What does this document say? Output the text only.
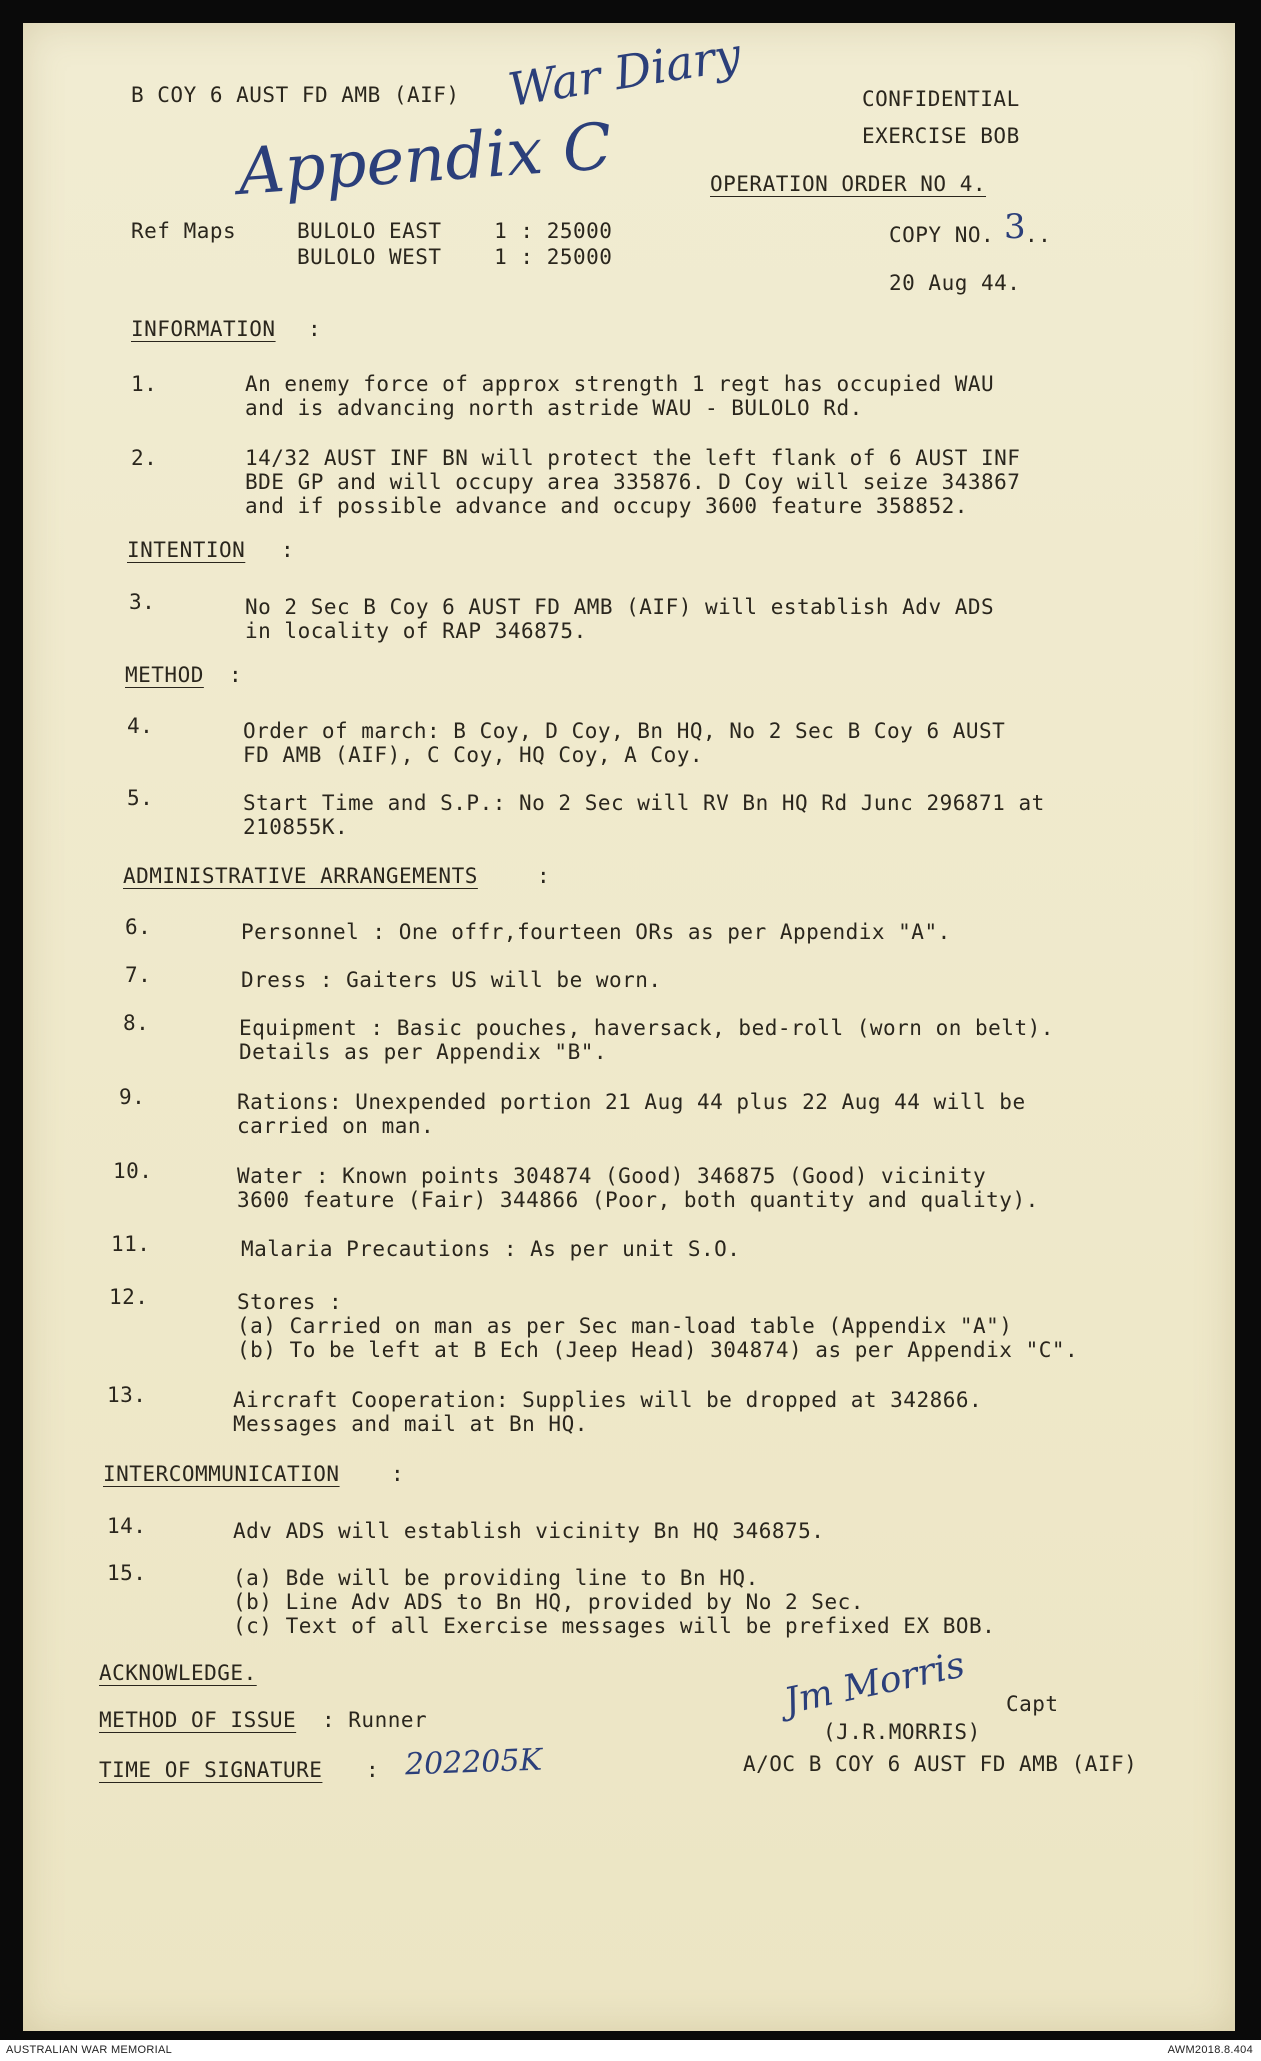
B COY 6 AUST FD AMB (AIF) War Diary
Appendix C
CONFIDENTIAL
EXERCISE BOB
OPERATION ORDER NO 4.
Ref Maps	BULOLO EAST    1 : 25000
BULOLO WEST    1 : 25000
COPY NO. 3 ..
20 Aug 44.
INFORMATION :
1.	An enemy force of approx strength 1 regt has occupied WAU
and is advancing north astride WAU - BULOLO Rd.
2.	14/32 AUST INF BN will protect the left flank of 6 AUST INF
BDE GP and will occupy area 335876. D Coy will seize 343867
and if possible advance and occupy 3600 feature 358852.
INTENTION :
3.	No 2 Sec B Coy 6 AUST FD AMB (AIF) will establish Adv ADS
in locality of RAP 346875.
METHOD :
4.	Order of march: B Coy, D Coy, Bn HQ, No 2 Sec B Coy 6 AUST
FD AMB (AIF), C Coy, HQ Coy, A Coy.
5.	Start Time and S.P.: No 2 Sec will RV Bn HQ Rd Junc 296871 at
210855K.
ADMINISTRATIVE ARRANGEMENTS	:
6.	Personnel : One offr,fourteen ORs as per Appendix "A".
7.	Dress : Gaiters US will be worn.
8.	Equipment : Basic pouches, haversack, bed-roll (worn on belt).
Details as per Appendix "B".
9.	Rations: Unexpended portion 21 Aug 44 plus 22 Aug 44 will be
carried on man.
10.	Water : Known points 304874 (Good) 346875 (Good) vicinity
3600 feature (Fair) 344866 (Poor, both quantity and quality).
11.	Malaria Precautions : As per unit S.O.
12.	Stores :
(a) Carried on man as per Sec man-load table (Appendix "A")
(b) To be left at B Ech (Jeep Head) 304874) as per Appendix "C".
13.	Aircraft Cooperation: Supplies will be dropped at 342866.
Messages and mail at Bn HQ.
INTERCOMMUNICATION :
14.	Adv ADS will establish vicinity Bn HQ 346875.
15.	(a) Bde will be providing line to Bn HQ.
(b) Line Adv ADS to Bn HQ, provided by No 2 Sec.
(c) Text of all Exercise messages will be prefixed EX BOB.
ACKNOWLEDGE.
METHOD OF ISSUE : Runner
TIME OF SIGNATURE : 202205K
Jm Morris Capt
(J.R.MORRIS)
A/OC B COY 6 AUST FD AMB (AIF)
AUSTRALIAN WAR MEMORIAL	AWM2018.8.404
